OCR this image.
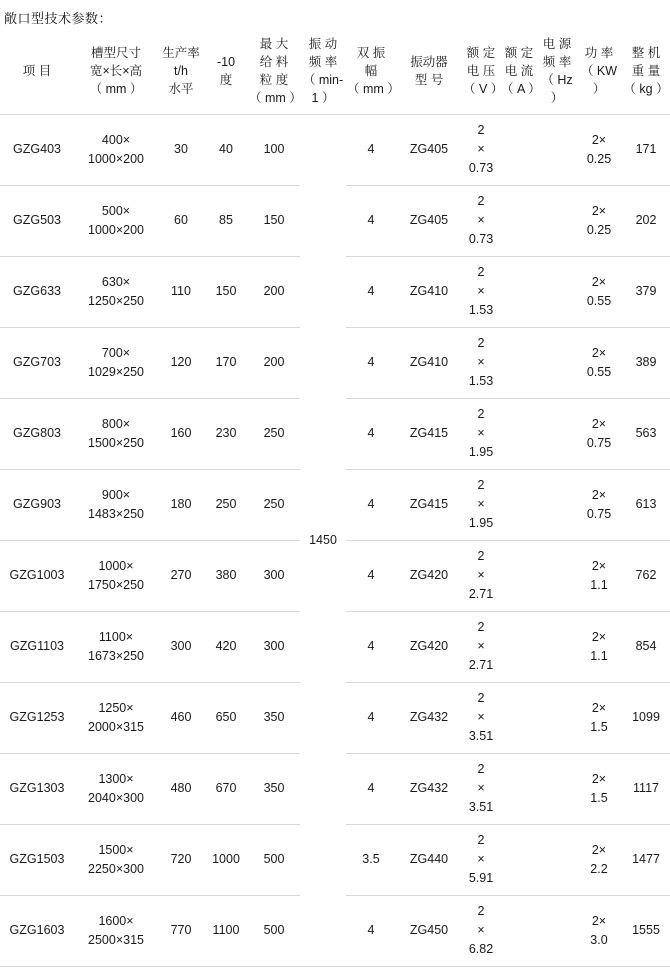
敞口型技术参数：
项 目	槽型尺寸
宽×长×高
（ mm ）	生产率
t/h
水平	-10
度	最 大
给 料
粒 度
（ mm ）	振 动
频 率
（ min-1 ）	双 振
幅
（ mm ）	振动器
型 号	额 定
电 压
（ V ）	额 定
电 流
（ A ）	电 源
频 率
（ Hz ）	功 率
（ KW ）	整 机
重 量
（ kg ）

GZG403	400×
1000×200	30	40	100	1450	4	ZG405	2
×
0.73			2×
0.25	171
GZG503	500×
1000×200	60	85	150		4	ZG405	2
×
0.73			2×
0.25	202
GZG633	630×
1250×250	110	150	200		4	ZG410	2
×
1.53			2×
0.55	379
GZG703	700×
1029×250	120	170	200		4	ZG410	2
×
1.53			2×
0.55	389
GZG803	800×
1500×250	160	230	250		4	ZG415	2
×
1.95			2×
0.75	563
GZG903	900×
1483×250	180	250	250		4	ZG415	2
×
1.95			2×
0.75	613
GZG1003	1000×
1750×250	270	380	300		4	ZG420	2
×
2.71			2×
1.1	762
GZG1103	1100×
1673×250	300	420	300		4	ZG420	2
×
2.71			2×
1.1	854
GZG1253	1250×
2000×315	460	650	350		4	ZG432	2
×
3.51			2×
1.5	1099
GZG1303	1300×
2040×300	480	670	350		4	ZG432	2
×
3.51			2×
1.5	1117
GZG1503	1500×
2250×300	720	1000	500		3.5	ZG440	2
×
5.91			2×
2.2	1477
GZG1603	1600×
2500×315	770	1100	500		4	ZG450	2
×
6.82			2×
3.0	1555
